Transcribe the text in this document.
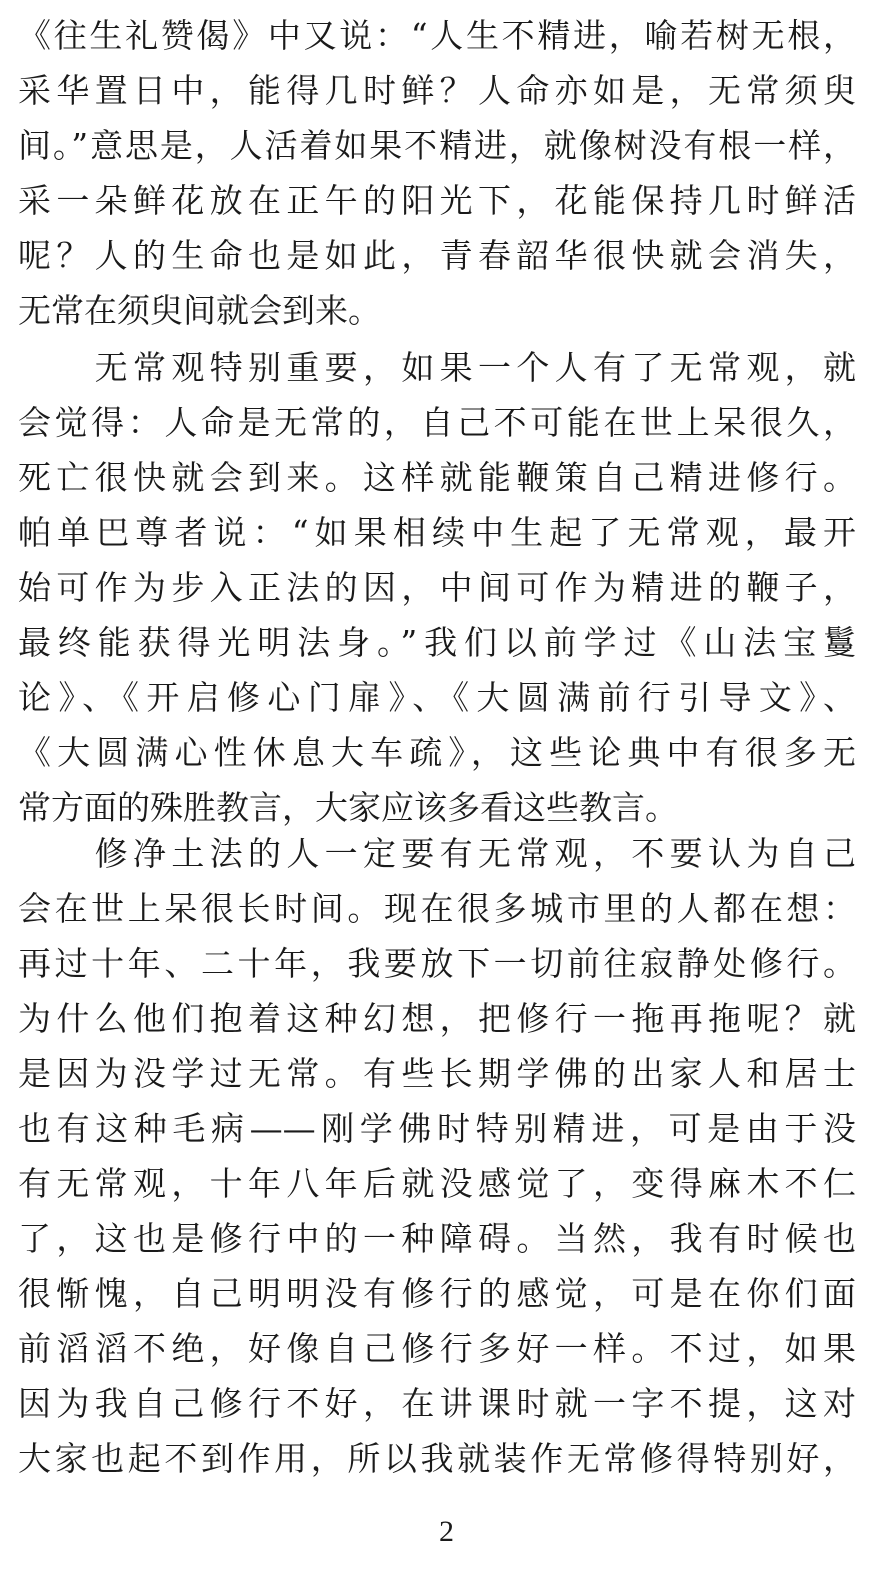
《往生礼赞偈》中又说：“人生不精进，喻若树无根，
采华置日中，能得几时鲜？人命亦如是，无常须臾
间。”意思是，人活着如果不精进，就像树没有根一样，
采一朵鲜花放在正午的阳光下，花能保持几时鲜活
呢？人的生命也是如此，青春韶华很快就会消失，
无常在须臾间就会到来。
　　无常观特别重要，如果一个人有了无常观，就
会觉得：人命是无常的，自己不可能在世上呆很久，
死亡很快就会到来。这样就能鞭策自己精进修行。
帕单巴尊者说：“如果相续中生起了无常观，最开
始可作为步入正法的因，中间可作为精进的鞭子，
最终能获得光明法身。”我们以前学过《山法宝鬘
论》、《开启修心门扉》、《大圆满前行引导文》、
《大圆满心性休息大车疏》，这些论典中有很多无
常方面的殊胜教言，大家应该多看这些教言。
　　修净土法的人一定要有无常观，不要认为自己
会在世上呆很长时间。现在很多城市里的人都在想：
再过十年、二十年，我要放下一切前往寂静处修行。
为什么他们抱着这种幻想，把修行一拖再拖呢？就
是因为没学过无常。有些长期学佛的出家人和居士
也有这种毛病——刚学佛时特别精进，可是由于没
有无常观，十年八年后就没感觉了，变得麻木不仁
了，这也是修行中的一种障碍。当然，我有时候也
很惭愧，自己明明没有修行的感觉，可是在你们面
前滔滔不绝，好像自己修行多好一样。不过，如果
因为我自己修行不好，在讲课时就一字不提，这对
大家也起不到作用，所以我就装作无常修得特别好，
2
